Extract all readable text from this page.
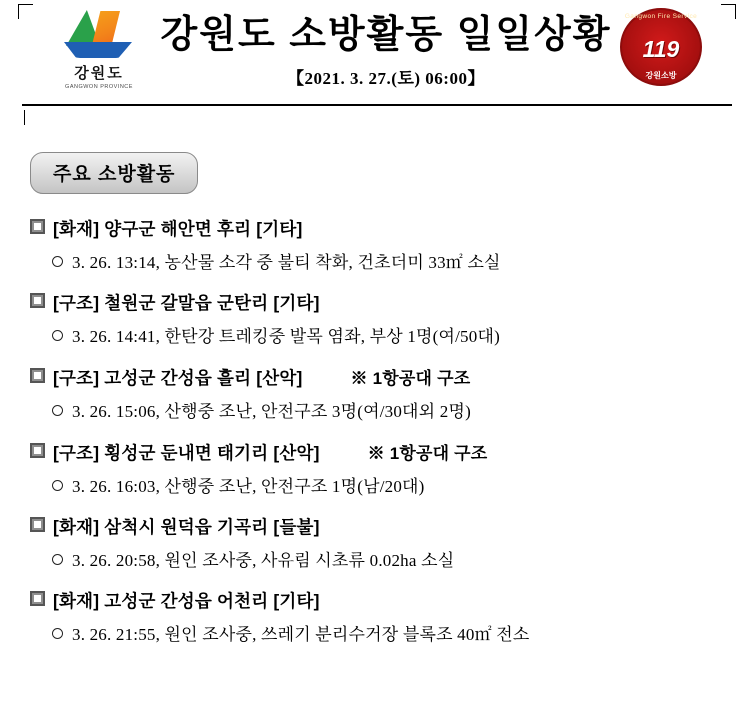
강원도
GANGWON PROVINCE
강원도 소방활동 일일상황
【2021. 3. 27.(토) 06:00】
Gangwon Fire Service
119
강원소방
주요 소방활동
[화재] 양구군 해안면 후리 [기타]
3. 26. 13:14, 농산물 소각 중 불티 착화, 건초더미 33㎡ 소실
[구조] 철원군 갈말읍 군탄리 [기타]
3. 26. 14:41, 한탄강 트레킹중 발목 염좌, 부상 1명(여/50대)
[구조] 고성군 간성읍 흘리 [산악]	※ 1항공대 구조
3. 26. 15:06, 산행중 조난, 안전구조 3명(여/30대외 2명)
[구조] 횡성군 둔내면 태기리 [산악]	※ 1항공대 구조
3. 26. 16:03, 산행중 조난, 안전구조 1명(남/20대)
[화재] 삼척시 원덕읍 기곡리 [들불]
3. 26. 20:58, 원인 조사중, 사유림 시초류 0.02ha 소실
[화재] 고성군 간성읍 어천리 [기타]
3. 26. 21:55, 원인 조사중, 쓰레기 분리수거장 블록조 40㎡ 전소
